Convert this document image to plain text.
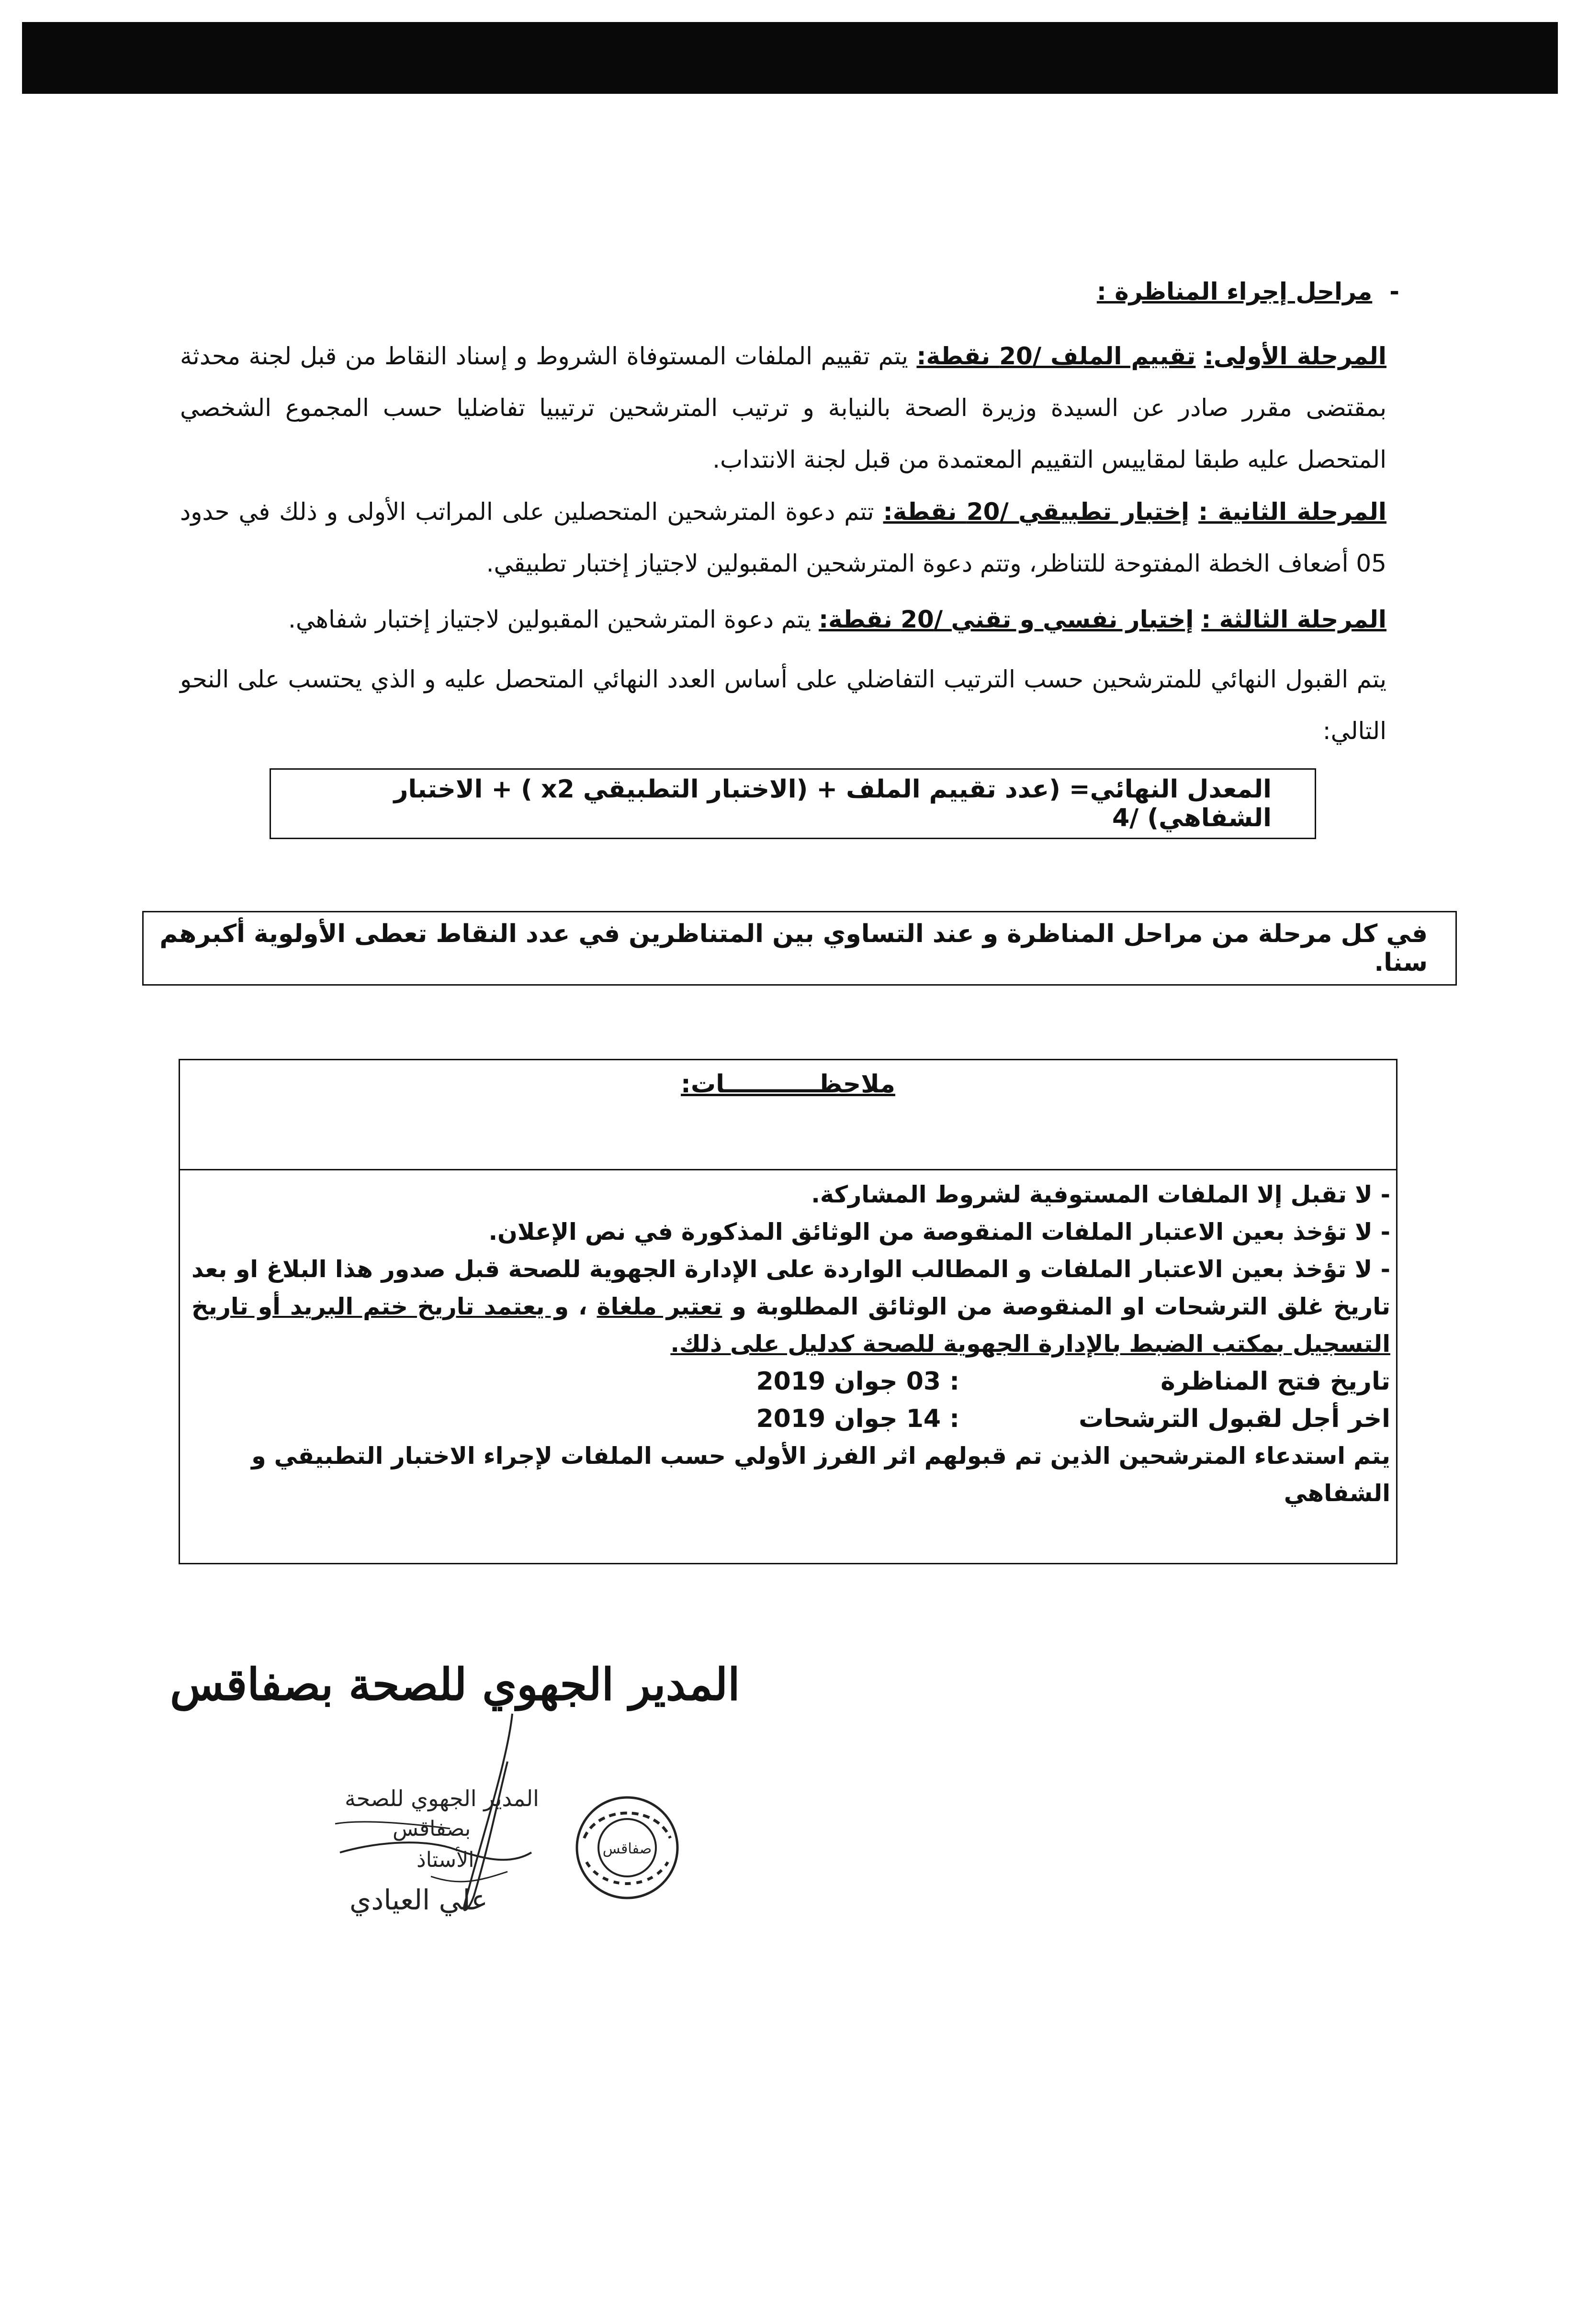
-مراحل إجراء المناظرة :
المرحلة الأولى: تقييم الملف /20 نقطة: يتم تقييم الملفات المستوفاة الشروط و إسناد النقاط من قبل لجنة محدثة بمقتضى مقرر صادر عن السيدة وزيرة الصحة بالنيابة و ترتيب المترشحين ترتيبيا تفاضليا حسب المجموع الشخصي المتحصل عليه طبقا لمقاييس التقييم المعتمدة من قبل لجنة الانتداب.
المرحلة الثانية : إختبار تطبيقي /20 نقطة: تتم دعوة المترشحين المتحصلين على المراتب الأولى و ذلك في حدود 05 أضعاف الخطة المفتوحة للتناظر، وتتم دعوة المترشحين المقبولين لاجتياز إختبار تطبيقي.
المرحلة الثالثة : إختبار نفسي و تقني /20 نقطة: يتم دعوة المترشحين المقبولين لاجتياز إختبار شفاهي.
يتم القبول النهائي للمترشحين حسب الترتيب التفاضلي على أساس العدد النهائي المتحصل عليه و الذي يحتسب على النحو التالي:
المعدل النهائي= (عدد تقييم الملف + (الاختبار التطبيقي x2 ) + الاختبار الشفاهي) /4
في كل مرحلة من مراحل المناظرة و عند التساوي بين المتناظرين في عدد النقاط تعطى الأولوية أكبرهم سنا.
ملاحظـــــــــــات:
- لا تقبل إلا الملفات المستوفية لشروط المشاركة.
- لا تؤخذ بعين الاعتبار الملفات المنقوصة من الوثائق المذكورة في نص الإعلان.
- لا تؤخذ بعين الاعتبار الملفات و المطالب الواردة على الإدارة الجهوية للصحة قبل صدور هذا البلاغ او بعد تاريخ غلق الترشحات او المنقوصة من الوثائق المطلوبة و تعتبر ملغاة ، و يعتمد تاريخ ختم البريد أو تاريخ التسجيل بمكتب الضبط بالإدارة الجهوية للصحة كدليل على ذلك.
تاريخ فتح المناظرة
: 03 جوان 2019
اخر أجل لقبول الترشحات
: 14 جوان 2019
يتم استدعاء المترشحين الذين تم قبولهم اثر الفرز الأولي حسب الملفات لإجراء الاختبار التطبيقي و الشفاهي
المدير الجهوي للصحة بصفاقس
المدير الجهوي للصحة
بصفاقس
الأستاذ
علي العيادي
صفاقس
